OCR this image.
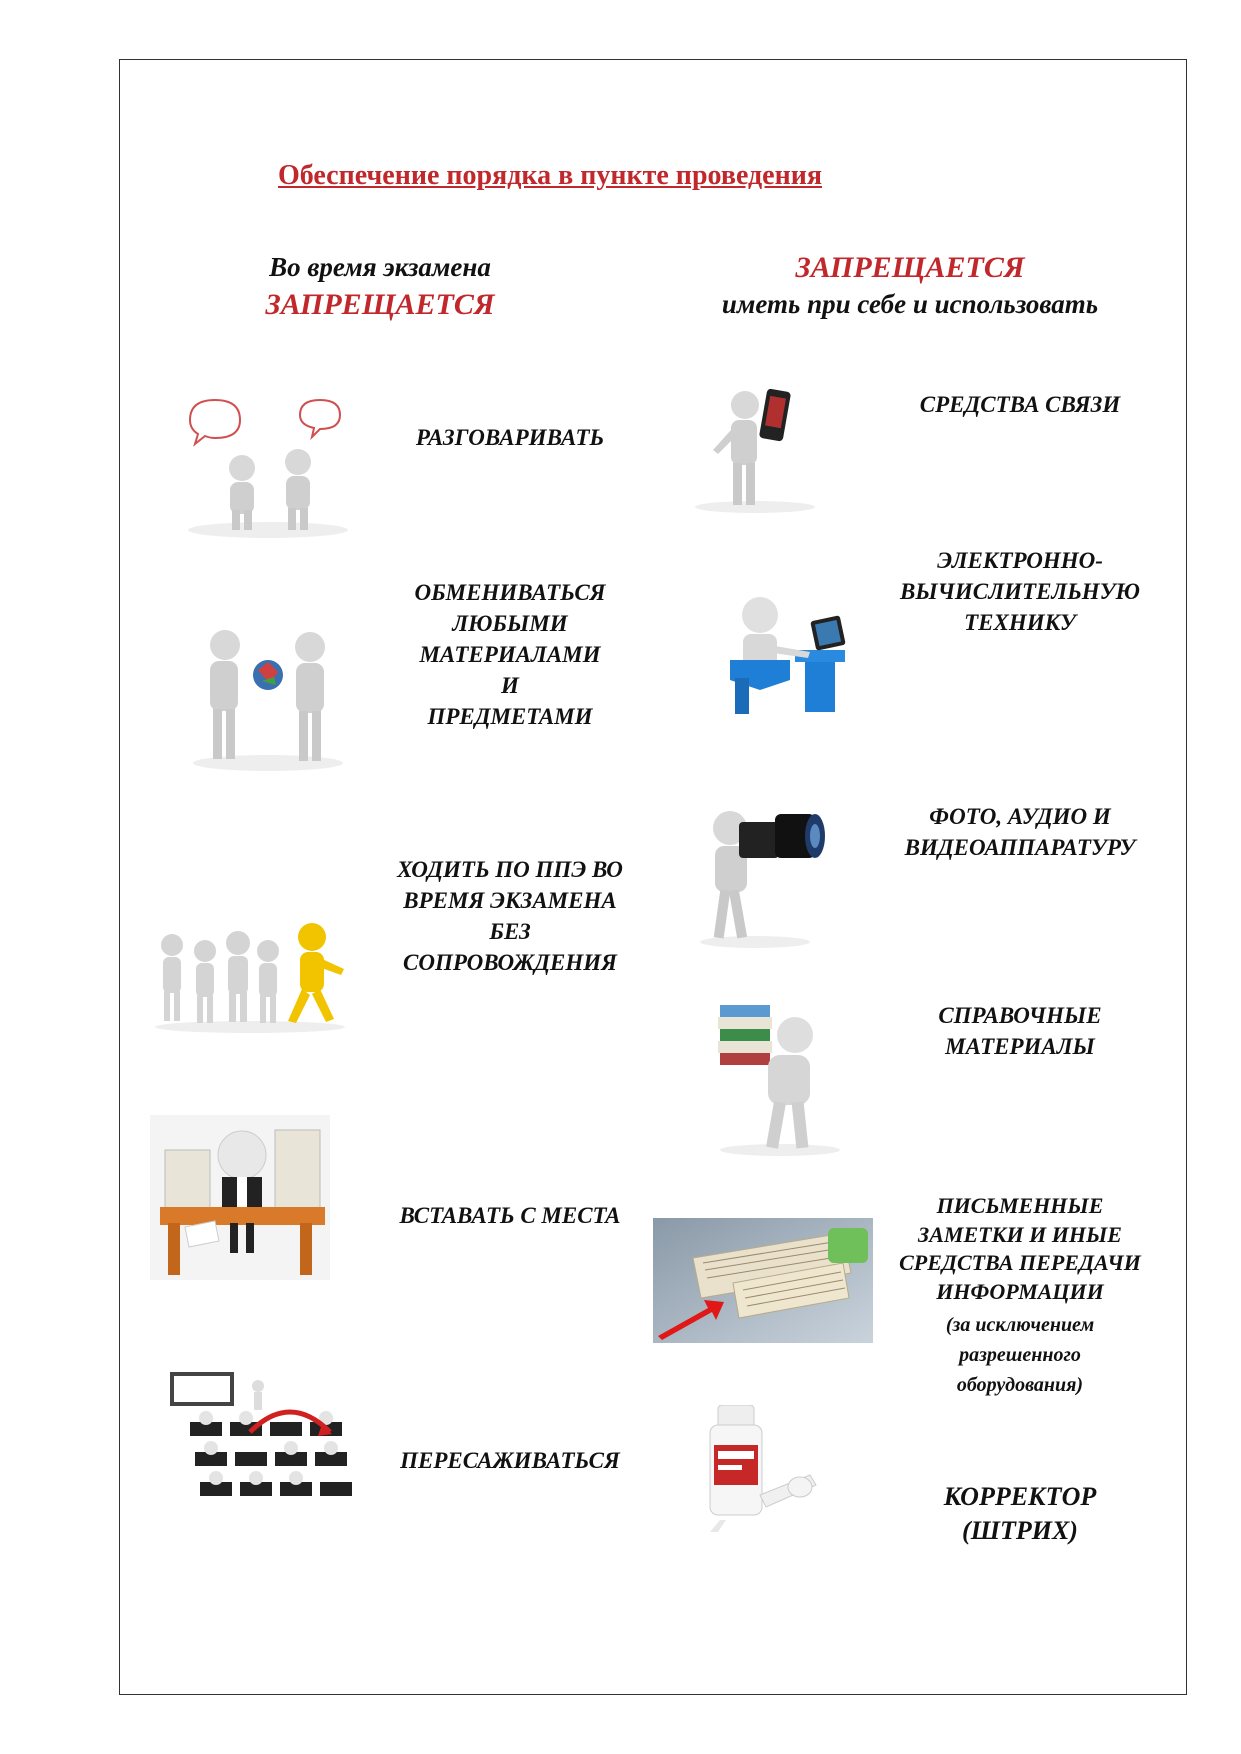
Обеспечение порядка в пункте проведения
Во время экзамена
ЗАПРЕЩАЕТСЯ
ЗАПРЕЩАЕТСЯ
иметь при себе и использовать
РАЗГОВАРИВАТЬ
ОБМЕНИВАТЬСЯ
ЛЮБЫМИ
МАТЕРИАЛАМИ
И
ПРЕДМЕТАМИ
ХОДИТЬ ПО ППЭ ВО
ВРЕМЯ ЭКЗАМЕНА
БЕЗ
СОПРОВОЖДЕНИЯ
ВСТАВАТЬ С МЕСТА
ПЕРЕСАЖИВАТЬСЯ
СРЕДСТВА СВЯЗИ
ЭЛЕКТРОННО-
ВЫЧИСЛИТЕЛЬНУЮ
ТЕХНИКУ
ФОТО, АУДИО И
ВИДЕОАППАРАТУРУ
СПРАВОЧНЫЕ
МАТЕРИАЛЫ
ПИСЬМЕННЫЕ
ЗАМЕТКИ И ИНЫЕ
СРЕДСТВА ПЕРЕДАЧИ
ИНФОРМАЦИИ
(за исключением
разрешенного
оборудования)
КОРРЕКТОР
(ШТРИХ)
